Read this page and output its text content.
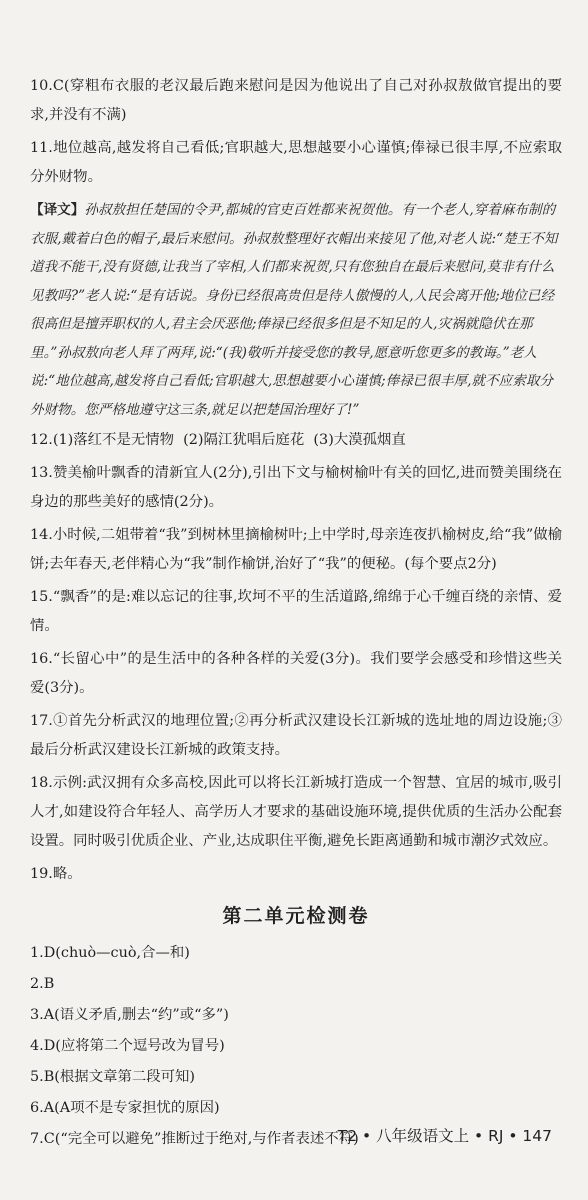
10.C(穿粗布衣服的老汉最后跑来慰问是因为他说出了自己对孙叔敖做官提出的要求,并没有不满)

11.地位越高,越发将自己看低;官职越大,思想越要小心谨慎;俸禄已很丰厚,不应索取分外财物。

【译文】孙叔敖担任楚国的令尹,都城的官吏百姓都来祝贺他。有一个老人,穿着麻布制的衣服,戴着白色的帽子,最后来慰问。孙叔敖整理好衣帽出来接见了他,对老人说:“楚王不知道我不能干,没有贤德,让我当了宰相,人们都来祝贺,只有您独自在最后来慰问,莫非有什么见教吗?”老人说:“是有话说。身份已经很高贵但是待人傲慢的人,人民会离开他;地位已经很高但是擅弄职权的人,君主会厌恶他;俸禄已经很多但是不知足的人,灾祸就隐伏在那里。”孙叔敖向老人拜了两拜,说:“(我)敬听并接受您的教导,愿意听您更多的教诲。”老人说:“地位越高,越发将自己看低;官职越大,思想越要小心谨慎;俸禄已很丰厚,就不应索取分外财物。您严格地遵守这三条,就足以把楚国治理好了!”

12.(1)落红不是无情物  (2)隔江犹唱后庭花  (3)大漠孤烟直

13.赞美榆叶飘香的清新宜人(2分),引出下文与榆树榆叶有关的回忆,进而赞美围绕在身边的那些美好的感情(2分)。

14.小时候,二姐带着“我”到树林里摘榆树叶;上中学时,母亲连夜扒榆树皮,给“我”做榆饼;去年春天,老伴精心为“我”制作榆饼,治好了“我”的便秘。(每个要点2分)

15.“飘香”的是:难以忘记的往事,坎坷不平的生活道路,绵绵于心千缠百绕的亲情、爱情。

16.“长留心中”的是生活中的各种各样的关爱(3分)。我们要学会感受和珍惜这些关爱(3分)。

17.①首先分析武汉的地理位置;②再分析武汉建设长江新城的选址地的周边设施;③最后分析武汉建设长江新城的政策支持。

18.示例:武汉拥有众多高校,因此可以将长江新城打造成一个智慧、宜居的城市,吸引人才,如建设符合年轻人、高学历人才要求的基础设施环境,提供优质的生活办公配套设置。同时吸引优质企业、产业,达成职住平衡,避免长距离通勤和城市潮汐式效应。

19.略。

第二单元检测卷

1.D(chuò—cuò,合—和)

2.B

3.A(语义矛盾,删去“约”或“多”)

4.D(应将第二个逗号改为冒号)

5.B(根据文章第二段可知)

6.A(A项不是专家担忧的原因)

7.C(“完全可以避免”推断过于绝对,与作者表述不符)

T2 • 八年级语文上 • RJ • 147
